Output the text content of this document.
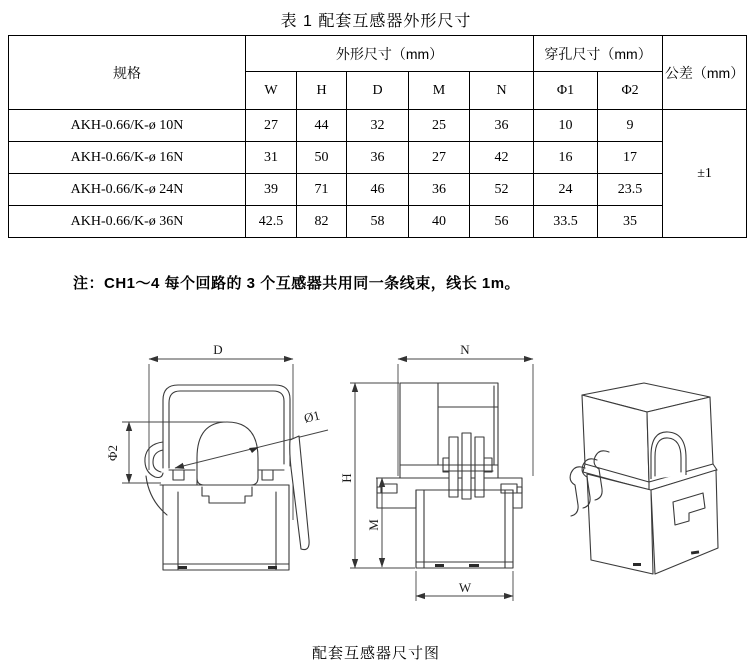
表 1 配套互感器外形尺寸
规格	外形尺寸（mm）					穿孔尺寸（mm）		公差（mm）
	W	H	D	M	N	Φ1	Φ2	
AKH-0.66/K-ø 10N	27	44	32	25	36	10	9	±1
AKH-0.66/K-ø 16N	31	50	36	27	42	16	17	
AKH-0.66/K-ø 24N	39	71	46	36	52	24	23.5	
AKH-0.66/K-ø 36N	42.5	82	58	40	56	33.5	35	
注：CH1～4 每个回路的 3 个互感器共用同一条线束，线长 1m。
D
Φ2
Ø1
N
H
M
W
配套互感器尺寸图
